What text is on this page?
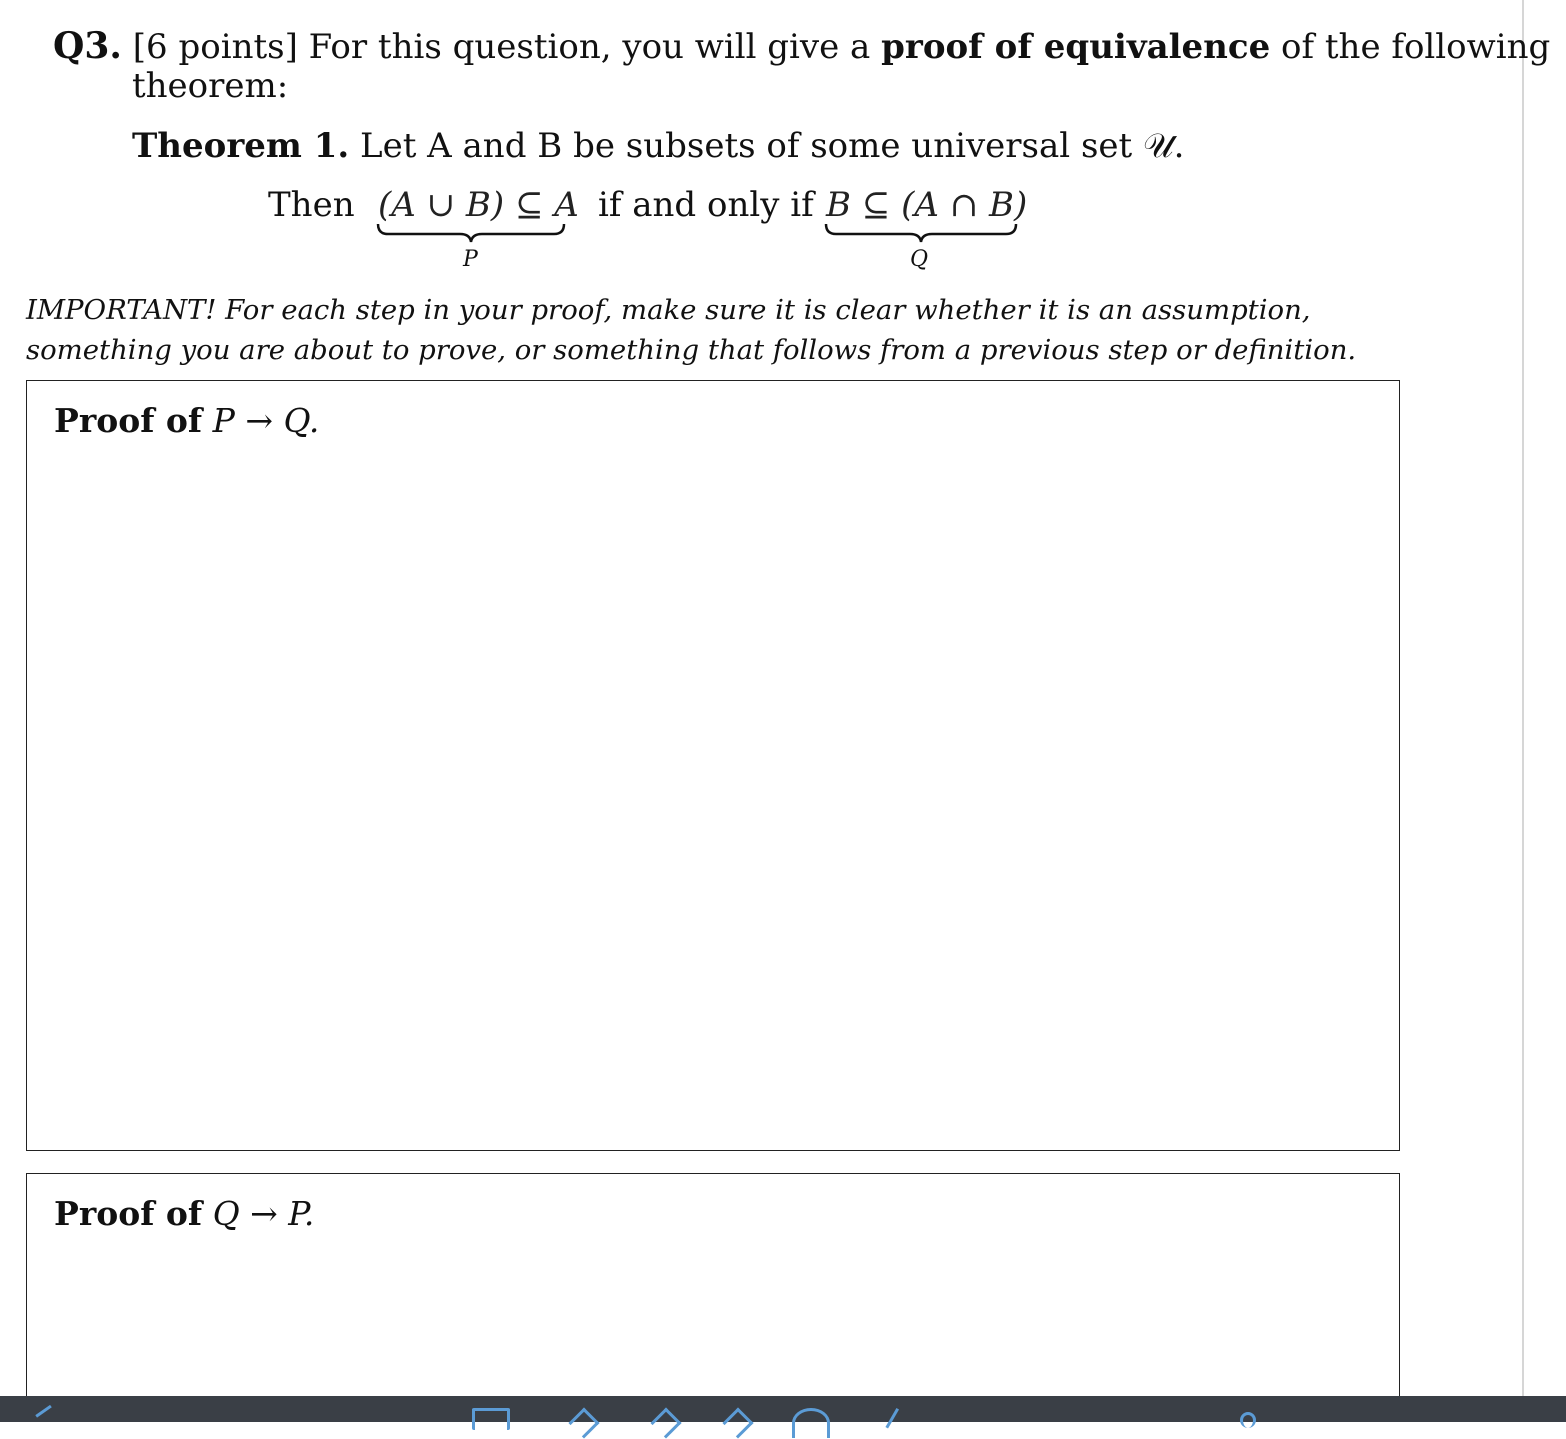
Q3. [6 points] For this question, you will give a proof of equivalence of the following
theorem:
Theorem 1. Let A and B be subsets of some universal set 𝒰.
Then (A ∪ B) ⊆ A if and only if B ⊆ (A ∩ B)
P	Q
IMPORTANT! For each step in your proof, make sure it is clear whether it is an assumption, something you are about to prove, or something that follows from a previous step or definition.
Proof of P → Q.
Proof of Q → P.
